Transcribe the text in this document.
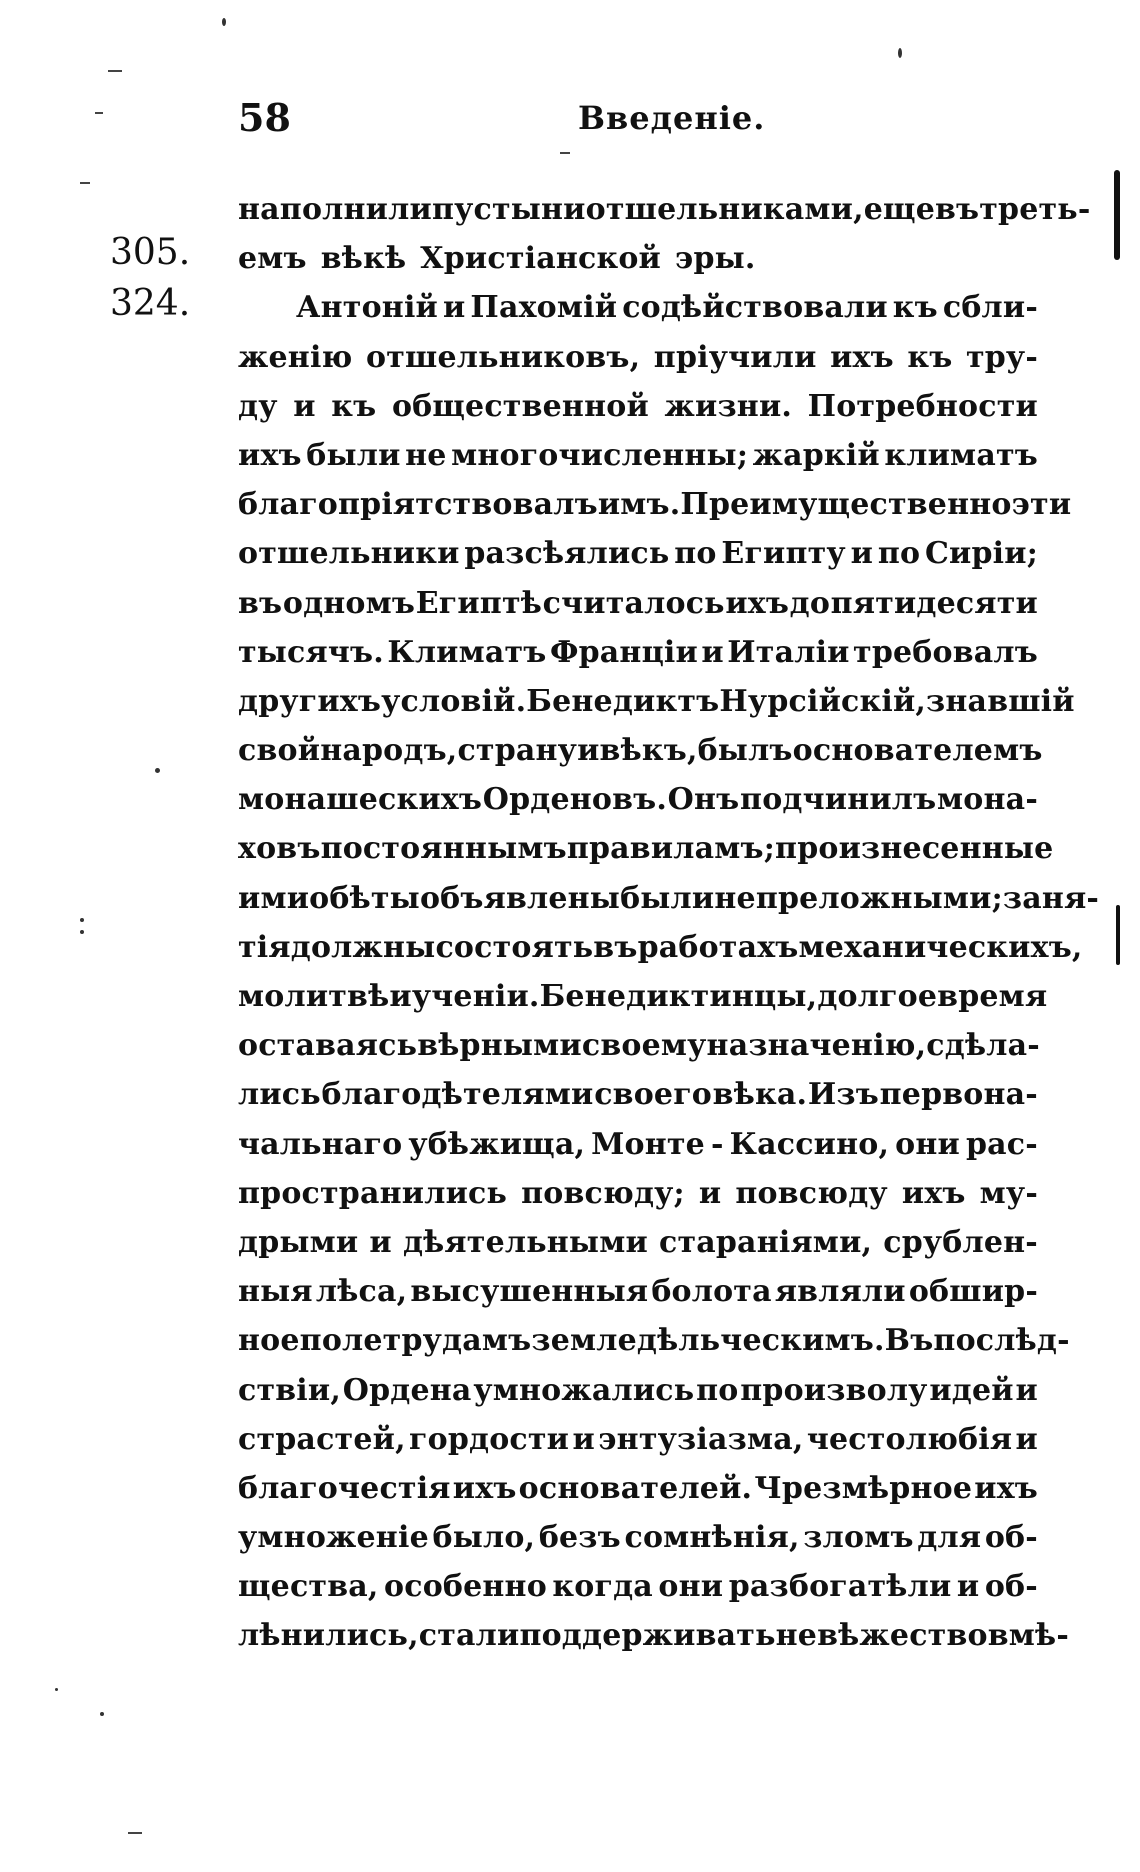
58	Введеніе.
305.
324.
наполнили пустыни отшельниками, еще въ треть-
емъ вѣкѣ Христіанской эры.
Антоній и Пахомій содѣйствовали къ сбли-
женію отшельниковъ, пріучили ихъ къ тру-
ду и къ общественной жизни. Потребности
ихъ были не многочисленны; жаркій климатъ
благопріятствовалъ имъ. Преимущественно эти
отшельники разсѣялись по Египту и по Сиріи;
въ одномъ Египтѣ считалось ихъ до пятидесяти
тысячъ. Климатъ Франціи и Италіи требовалъ
другихъ условій. Бенедиктъ Нурсійскій, знавшій
свой народъ, страну и вѣкъ, былъ основателемъ
монашескихъ Орденовъ. Онъ подчинилъ мона-
ховъ постояннымъ правиламъ; произнесенные
ими обѣты объявлены были непреложными; заня-
тія должны состоять въ работахъ механическихъ,
молитвѣ и ученіи. Бенедиктинцы, долгое время
оставаясь вѣрными своему назначенію, сдѣла-
лись благодѣтелями своего вѣка. Изъ первона-
чальнаго убѣжища, Монте - Кассино, они рас-
пространились повсюду; и повсюду ихъ му-
дрыми и дѣятельными стараніями, срублен-
ныя лѣса, высушенныя болота являли обшир-
ное поле трудамъ земледѣльческимъ. Въ послѣд-
ствіи, Ордена умножались по произволу идей и
страстей, гордости и энтузіазма, честолюбія и
благочестія ихъ основателей. Чрезмѣрное ихъ
умноженіе было, безъ сомнѣнія, зломъ для об-
щества, особенно когда они разбогатѣли и об-
лѣнились, стали поддерживать невѣжество вмѣ-
